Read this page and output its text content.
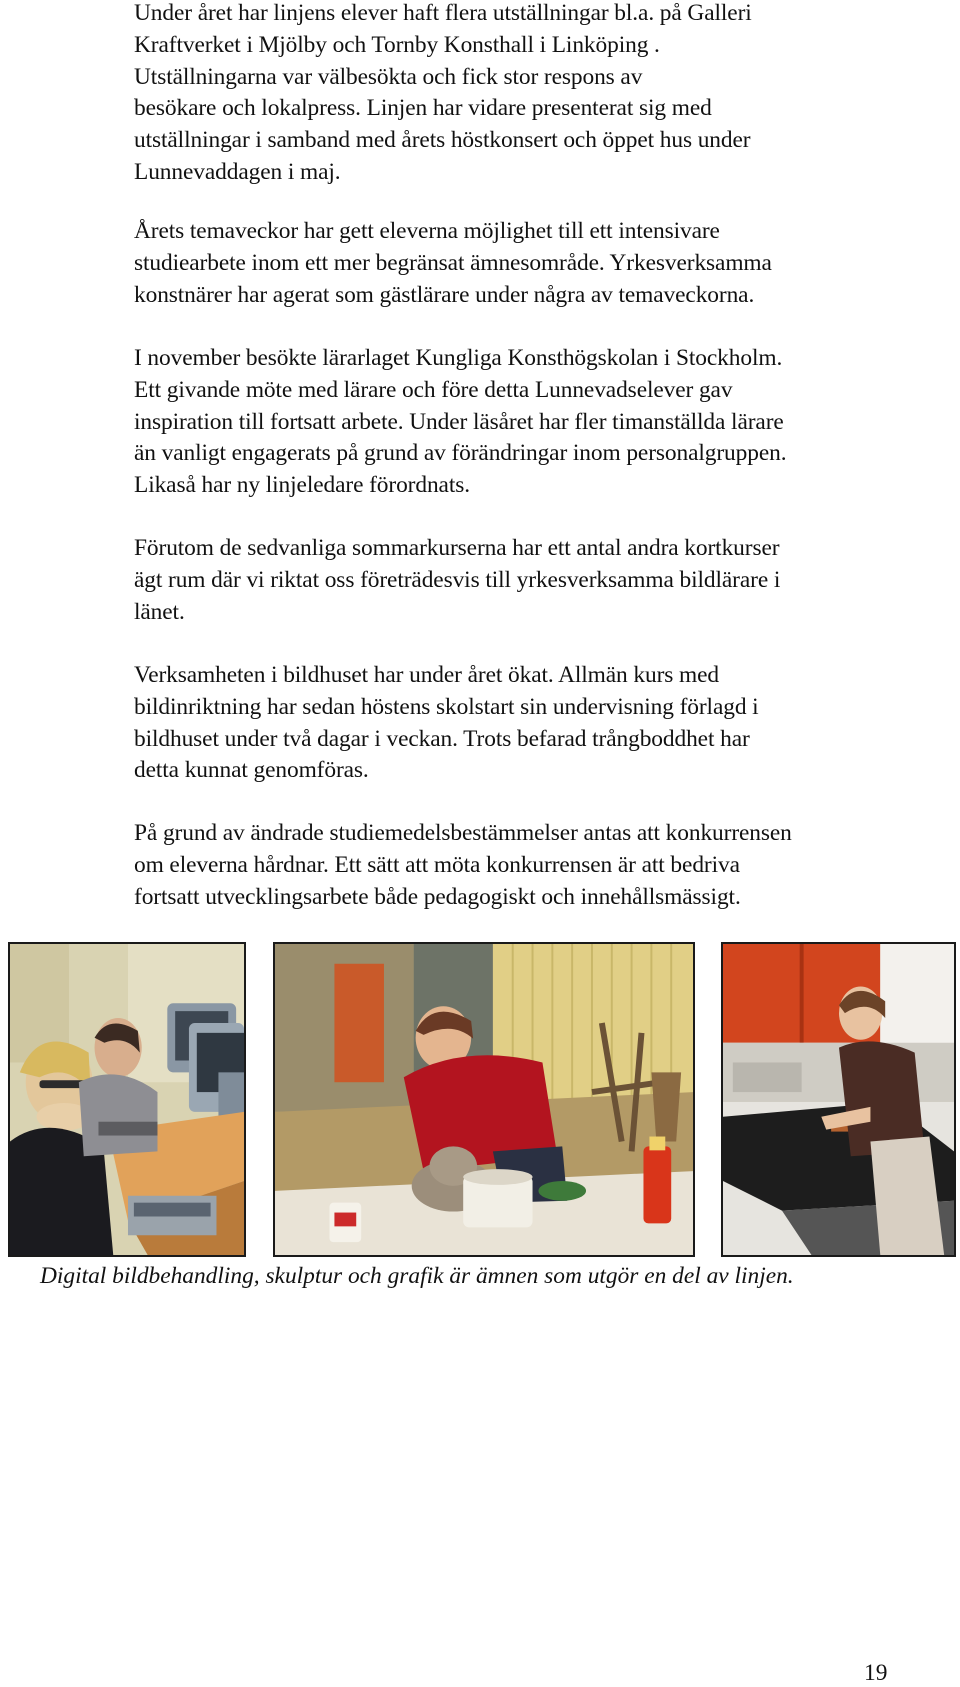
Under året har linjens elever haft flera utställningar bl.a. på Galleri
Kraftverket i Mjölby och Tornby Konsthall i Linköping .
Utställningarna var välbesökta och fick stor respons av
besökare och lokalpress. Linjen har vidare presenterat sig med
utställningar i samband med årets höstkonsert och öppet hus under
Lunnevaddagen i maj.

Årets temaveckor har gett eleverna möjlighet till ett intensivare
studiearbete inom ett mer begränsat ämnesområde. Yrkesverksamma
konstnärer har agerat som gästlärare under några av temaveckorna.

I november besökte lärarlaget Kungliga Konsthögskolan i Stockholm.
Ett givande möte med lärare och före detta Lunnevadselever gav
inspiration till fortsatt arbete. Under läsåret har fler timanställda lärare
än vanligt engagerats på grund av förändringar inom personalgruppen.
Likaså har ny linjeledare förordnats.

Förutom de sedvanliga sommarkurserna har ett antal andra kortkurser
ägt rum där vi riktat oss företrädesvis till yrkesverksamma bildlärare i
länet.

Verksamheten i bildhuset har under året ökat. Allmän kurs med
bildinriktning har sedan höstens skolstart sin undervisning förlagd i
bildhuset under två dagar i veckan. Trots befarad trångboddhet har
detta kunnat genomföras.

På grund av ändrade studiemedelsbestämmelser antas att konkurrensen
om eleverna hårdnar. Ett sätt att möta konkurrensen är att bedriva
fortsatt utvecklingsarbete både pedagogiskt och innehållsmässigt.

Digital bildbehandling, skulptur och grafik är ämnen som utgör en del av linjen.
19
